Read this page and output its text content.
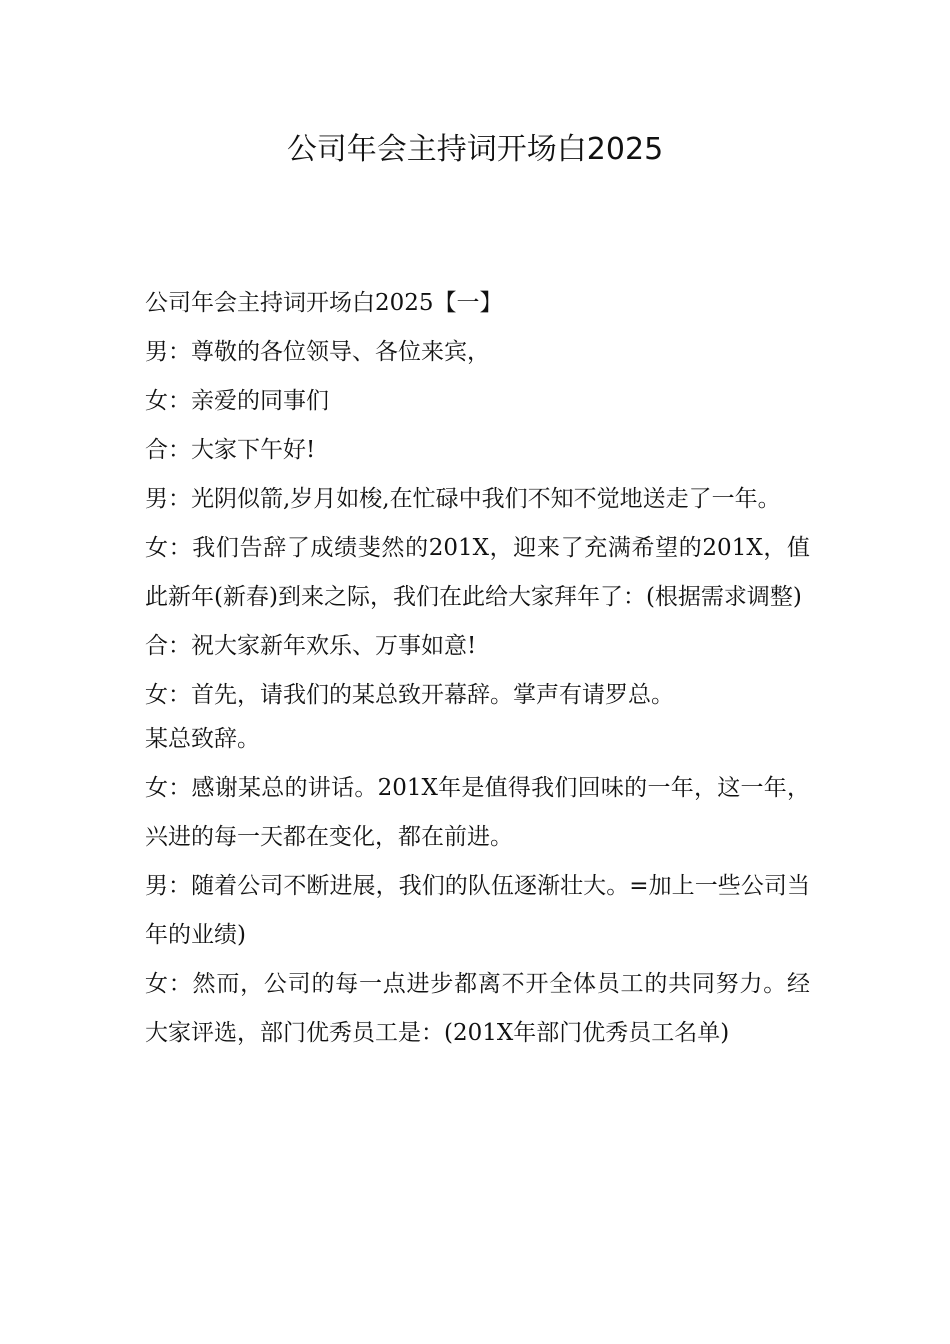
公司年会主持词开场白2025

公司年会主持词开场白2025【一】

男：尊敬的各位领导、各位来宾，

女：亲爱的同事们

合：大家下午好!

男：光阴似箭,岁月如梭,在忙碌中我们不知不觉地送走了一年。

女：我们告辞了成绩斐然的201X，迎来了充满希望的201X，值此新年(新春)到来之际，我们在此给大家拜年了：(根据需求调整)

合：祝大家新年欢乐、万事如意!

女：首先，请我们的某总致开幕辞。掌声有请罗总。

某总致辞。

女：感谢某总的讲话。201X年是值得我们回味的一年，这一年，兴进的每一天都在变化，都在前进。

男：随着公司不断进展，我们的队伍逐渐壮大。=加上一些公司当年的业绩)

女：然而，公司的每一点进步都离不开全体员工的共同努力。经大家评选，部门优秀员工是：(201X年部门优秀员工名单)
